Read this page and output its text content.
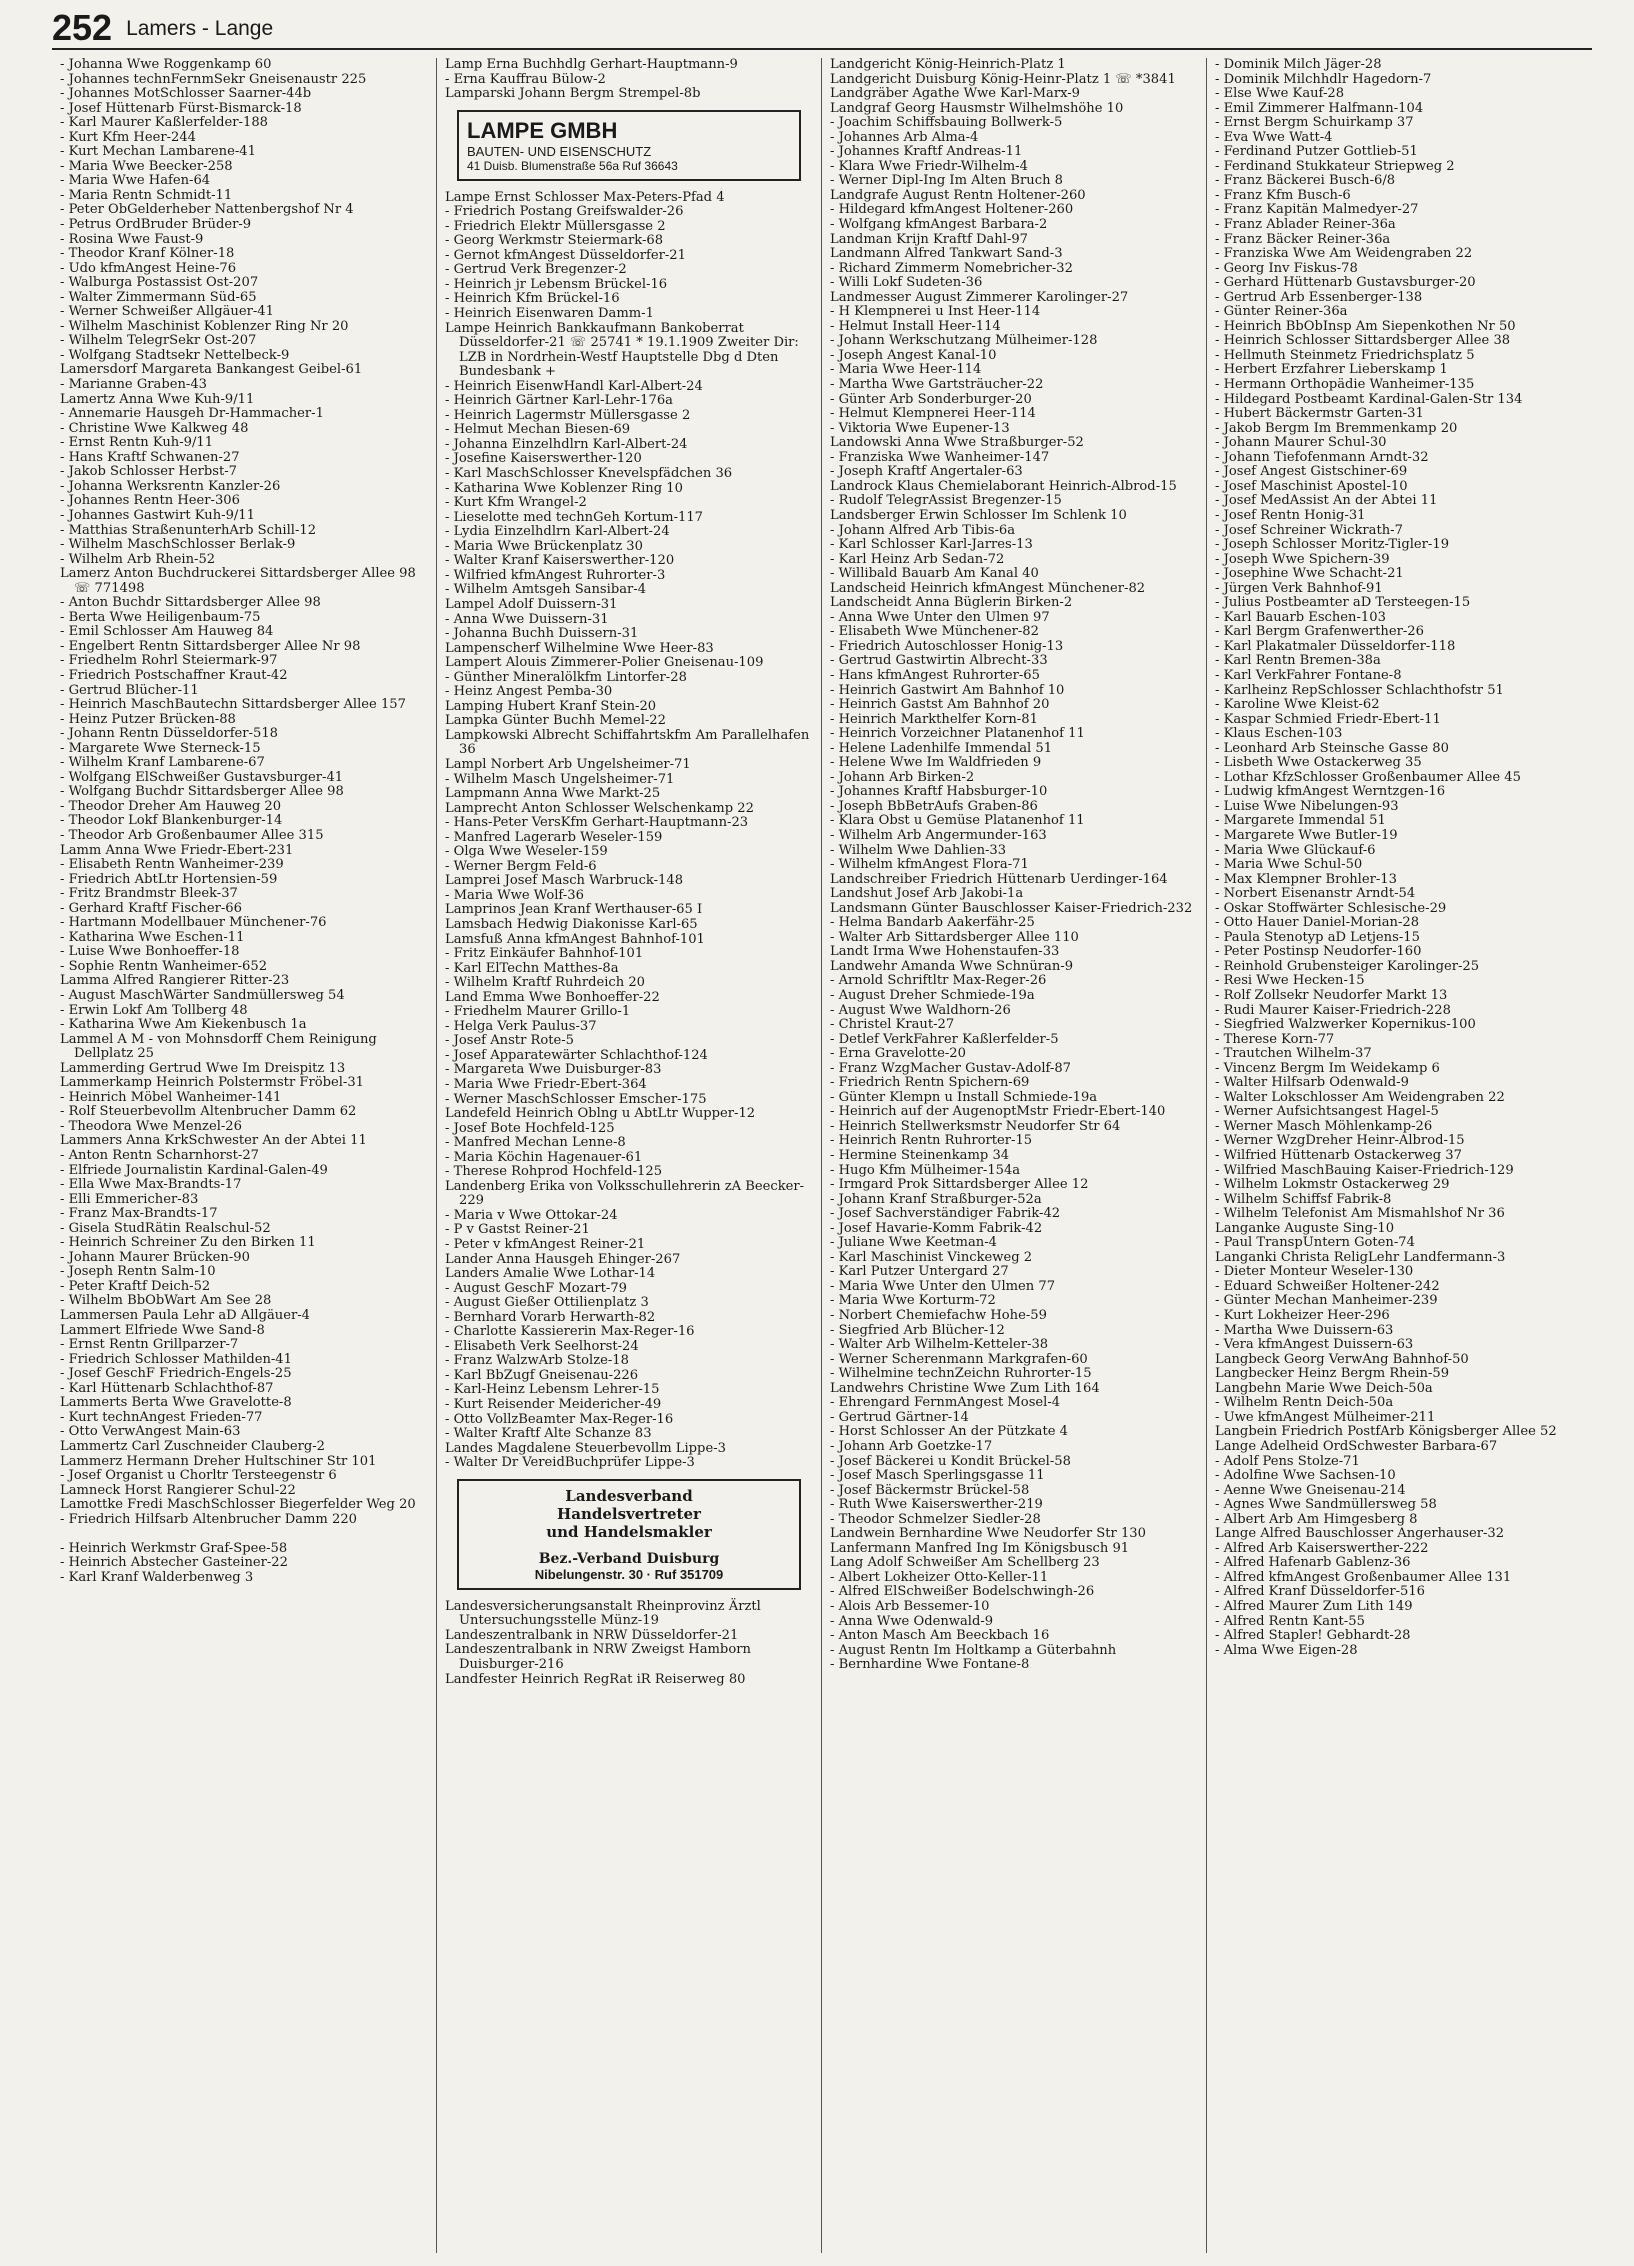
252 Lamers - Lange
- Johanna Wwe Roggenkamp 60
- Johannes technFernmSekr Gneisenaustr 225
- Johannes MotSchlosser Saarner-44b
- Josef Hüttenarb Fürst-Bismarck-18
- Karl Maurer Kaßlerfelder-188
- Kurt Kfm Heer-244
- Kurt Mechan Lambarene-41
- Maria Wwe Beecker-258
- Maria Wwe Hafen-64
- Maria Rentn Schmidt-11
- Peter ObGelderheber Nattenbergshof Nr 4
- Petrus OrdBruder Brüder-9
- Rosina Wwe Faust-9
- Theodor Kranf Kölner-18
- Udo kfmAngest Heine-76
- Walburga Postassist Ost-207
- Walter Zimmermann Süd-65
- Werner Schweißer Allgäuer-41
- Wilhelm Maschinist Koblenzer Ring Nr 20
- Wilhelm TelegrSekr Ost-207
- Wolfgang Stadtsekr Nettelbeck-9
Lamersdorf Margareta Bankangest Geibel-61
- Marianne Graben-43
Lamertz Anna Wwe Kuh-9/11
- Annemarie Hausgeh Dr-Hammacher-1
- Christine Wwe Kalkweg 48
- Ernst Rentn Kuh-9/11
- Hans Kraftf Schwanen-27
- Jakob Schlosser Herbst-7
- Johanna Werksrentn Kanzler-26
- Johannes Rentn Heer-306
- Johannes Gastwirt Kuh-9/11
- Matthias StraßenunterhArb Schill-12
- Wilhelm MaschSchlosser Berlak-9
- Wilhelm Arb Rhein-52
Lamerz Anton Buchdruckerei Sittardsberger Allee 98 ☏ 771498
- Anton Buchdr Sittardsberger Allee 98
- Berta Wwe Heiligenbaum-75
- Emil Schlosser Am Hauweg 84
- Engelbert Rentn Sittardsberger Allee Nr 98
- Friedhelm Rohrl Steiermark-97
- Friedrich Postschaffner Kraut-42
- Gertrud Blücher-11
- Heinrich MaschBautechn Sittardsberger Allee 157
- Heinz Putzer Brücken-88
- Johann Rentn Düsseldorfer-518
- Margarete Wwe Sterneck-15
- Wilhelm Kranf Lambarene-67
- Wolfgang ElSchweißer Gustavsburger-41
- Wolfgang Buchdr Sittardsberger Allee 98
- Theodor Dreher Am Hauweg 20
- Theodor Lokf Blankenburger-14
- Theodor Arb Großenbaumer Allee 315
Lamm Anna Wwe Friedr-Ebert-231
- Elisabeth Rentn Wanheimer-239
- Friedrich AbtLtr Hortensien-59
- Fritz Brandmstr Bleek-37
- Gerhard Kraftf Fischer-66
- Hartmann Modellbauer Münchener-76
- Katharina Wwe Eschen-11
- Luise Wwe Bonhoeffer-18
- Sophie Rentn Wanheimer-652
Lamma Alfred Rangierer Ritter-23
- August MaschWärter Sandmüllersweg 54
- Erwin Lokf Am Tollberg 48
- Katharina Wwe Am Kiekenbusch 1a
Lammel A M - von Mohnsdorff Chem Reinigung Dellplatz 25
Lammerding Gertrud Wwe Im Dreispitz 13
Lammerkamp Heinrich Polstermstr Fröbel-31
- Heinrich Möbel Wanheimer-141
- Rolf Steuerbevollm Altenbrucher Damm 62
- Theodora Wwe Menzel-26
Lammers Anna KrkSchwester An der Abtei 11
- Anton Rentn Scharnhorst-27
- Elfriede Journalistin Kardinal-Galen-49
- Ella Wwe Max-Brandts-17
- Elli Emmericher-83
- Franz Max-Brandts-17
- Gisela StudRätin Realschul-52
- Heinrich Schreiner Zu den Birken 11
- Johann Maurer Brücken-90
- Joseph Rentn Salm-10
- Peter Kraftf Deich-52
- Wilhelm BbObWart Am See 28
Lammersen Paula Lehr aD Allgäuer-4
Lammert Elfriede Wwe Sand-8
- Ernst Rentn Grillparzer-7
- Friedrich Schlosser Mathilden-41
- Josef GeschF Friedrich-Engels-25
- Karl Hüttenarb Schlachthof-87
Lammerts Berta Wwe Gravelotte-8
- Kurt technAngest Frieden-77
- Otto VerwAngest Main-63
Lammertz Carl Zuschneider Clauberg-2
Lammerz Hermann Dreher Hultschiner Str 101
- Josef Organist u Chorltr Tersteegenstr 6
Lamneck Horst Rangierer Schul-22
Lamottke Fredi MaschSchlosser Biegerfelder Weg 20
- Friedrich Hilfsarb Altenbrucher Damm 220

- Heinrich Werkmstr Graf-Spee-58
- Heinrich Abstecher Gasteiner-22
- Karl Kranf Walderbenweg 3
Lamp Erna Buchhdlg Gerhart-Hauptmann-9
- Erna Kauffrau Bülow-2
Lamparski Johann Bergm Strempel-8b
LAMPE GMBH
BAUTEN- UND EISENSCHUTZ
41 Duisb. Blumenstraße 56a Ruf 36643
Lampe Ernst Schlosser Max-Peters-Pfad 4
- Friedrich Postang Greifswalder-26
- Friedrich Elektr Müllersgasse 2
- Georg Werkmstr Steiermark-68
- Gernot kfmAngest Düsseldorfer-21
- Gertrud Verk Bregenzer-2
- Heinrich jr Lebensm Brückel-16
- Heinrich Kfm Brückel-16
- Heinrich Eisenwaren Damm-1
Lampe Heinrich Bankkaufmann Bankoberrat Düsseldorfer-21 ☏ 25741 * 19.1.1909 Zweiter Dir: LZB in Nordrhein-Westf Hauptstelle Dbg d Dten Bundesbank +
- Heinrich EisenwHandl Karl-Albert-24
- Heinrich Gärtner Karl-Lehr-176a
- Heinrich Lagermstr Müllersgasse 2
- Helmut Mechan Biesen-69
- Johanna Einzelhdlrn Karl-Albert-24
- Josefine Kaiserswerther-120
- Karl MaschSchlosser Knevelspfädchen 36
- Katharina Wwe Koblenzer Ring 10
- Kurt Kfm Wrangel-2
- Lieselotte med technGeh Kortum-117
- Lydia Einzelhdlrn Karl-Albert-24
- Maria Wwe Brückenplatz 30
- Walter Kranf Kaiserswerther-120
- Wilfried kfmAngest Ruhrorter-3
- Wilhelm Amtsgeh Sansibar-4
Lampel Adolf Duissern-31
- Anna Wwe Duissern-31
- Johanna Buchh Duissern-31
Lampenscherf Wilhelmine Wwe Heer-83
Lampert Alouis Zimmerer-Polier Gneisenau-109
- Günther Mineralölkfm Lintorfer-28
- Heinz Angest Pemba-30
Lamping Hubert Kranf Stein-20
Lampka Günter Buchh Memel-22
Lampkowski Albrecht Schiffahrtskfm Am Parallelhafen 36
Lampl Norbert Arb Ungelsheimer-71
- Wilhelm Masch Ungelsheimer-71
Lampmann Anna Wwe Markt-25
Lamprecht Anton Schlosser Welschenkamp 22
- Hans-Peter VersKfm Gerhart-Hauptmann-23
- Manfred Lagerarb Weseler-159
- Olga Wwe Weseler-159
- Werner Bergm Feld-6
Lamprei Josef Masch Warbruck-148
- Maria Wwe Wolf-36
Lamprinos Jean Kranf Werthauser-65 I
Lamsbach Hedwig Diakonisse Karl-65
Lamsfuß Anna kfmAngest Bahnhof-101
- Fritz Einkäufer Bahnhof-101
- Karl ElTechn Matthes-8a
- Wilhelm Kraftf Ruhrdeich 20
Land Emma Wwe Bonhoeffer-22
- Friedhelm Maurer Grillo-1
- Helga Verk Paulus-37
- Josef Anstr Rote-5
- Josef Apparatewärter Schlachthof-124
- Margareta Wwe Duisburger-83
- Maria Wwe Friedr-Ebert-364
- Werner MaschSchlosser Emscher-175
Landefeld Heinrich Oblng u AbtLtr Wupper-12
- Josef Bote Hochfeld-125
- Manfred Mechan Lenne-8
- Maria Köchin Hagenauer-61
- Therese Rohprod Hochfeld-125
Landenberg Erika von Volksschullehrerin zA Beecker-229
- Maria v Wwe Ottokar-24
- P v Gastst Reiner-21
- Peter v kfmAngest Reiner-21
Lander Anna Hausgeh Ehinger-267
Landers Amalie Wwe Lothar-14
- August GeschF Mozart-79
- August Gießer Ottilienplatz 3
- Bernhard Vorarb Herwarth-82
- Charlotte Kassiererin Max-Reger-16
- Elisabeth Verk Seelhorst-24
- Franz WalzwArb Stolze-18
- Karl BbZugf Gneisenau-226
- Karl-Heinz Lebensm Lehrer-15
- Kurt Reisender Meidericher-49
- Otto VollzBeamter Max-Reger-16
- Walter Kraftf Alte Schanze 83
Landes Magdalene Steuerbevollm Lippe-3
- Walter Dr VereidBuchprüfer Lippe-3
Landesverband
Handelsvertreter
und Handelsmakler
Bez.-Verband Duisburg
Nibelungenstr. 30 · Ruf 351709
Landesversicherungsanstalt Rheinprovinz Ärztl Untersuchungsstelle Münz-19
Landeszentralbank in NRW Düsseldorfer-21
Landeszentralbank in NRW Zweigst Hamborn Duisburger-216
Landfester Heinrich RegRat iR Reiserweg 80
Landgericht König-Heinrich-Platz 1
Landgericht Duisburg König-Heinr-Platz 1 ☏ *3841
Landgräber Agathe Wwe Karl-Marx-9
Landgraf Georg Hausmstr Wilhelmshöhe 10
- Joachim Schiffsbauing Bollwerk-5
- Johannes Arb Alma-4
- Johannes Kraftf Andreas-11
- Klara Wwe Friedr-Wilhelm-4
- Werner Dipl-Ing Im Alten Bruch 8
Landgrafe August Rentn Holtener-260
- Hildegard kfmAngest Holtener-260
- Wolfgang kfmAngest Barbara-2
Landman Krijn Kraftf Dahl-97
Landmann Alfred Tankwart Sand-3
- Richard Zimmerm Nomebricher-32
- Willi Lokf Sudeten-36
Landmesser August Zimmerer Karolinger-27
- H Klempnerei u Inst Heer-114
- Helmut Install Heer-114
- Johann Werkschutzang Mülheimer-128
- Joseph Angest Kanal-10
- Maria Wwe Heer-114
- Martha Wwe Gartsträucher-22
- Günter Arb Sonderburger-20
- Helmut Klempnerei Heer-114
- Viktoria Wwe Eupener-13
Landowski Anna Wwe Straßburger-52
- Franziska Wwe Wanheimer-147
- Joseph Kraftf Angertaler-63
Landrock Klaus Chemielaborant Heinrich-Albrod-15
- Rudolf TelegrAssist Bregenzer-15
Landsberger Erwin Schlosser Im Schlenk 10
- Johann Alfred Arb Tibis-6a
- Karl Schlosser Karl-Jarres-13
- Karl Heinz Arb Sedan-72
- Willibald Bauarb Am Kanal 40
Landscheid Heinrich kfmAngest Münchener-82
Landscheidt Anna Büglerin Birken-2
- Anna Wwe Unter den Ulmen 97
- Elisabeth Wwe Münchener-82
- Friedrich Autoschlosser Honig-13
- Gertrud Gastwirtin Albrecht-33
- Hans kfmAngest Ruhrorter-65
- Heinrich Gastwirt Am Bahnhof 10
- Heinrich Gastst Am Bahnhof 20
- Heinrich Markthelfer Korn-81
- Heinrich Vorzeichner Platanenhof 11
- Helene Ladenhilfe Immendal 51
- Helene Wwe Im Waldfrieden 9
- Johann Arb Birken-2
- Johannes Kraftf Habsburger-10
- Joseph BbBetrAufs Graben-86
- Klara Obst u Gemüse Platanenhof 11
- Wilhelm Arb Angermunder-163
- Wilhelm Wwe Dahlien-33
- Wilhelm kfmAngest Flora-71
Landschreiber Friedrich Hüttenarb Uerdinger-164
Landshut Josef Arb Jakobi-1a
Landsmann Günter Bauschlosser Kaiser-Friedrich-232
- Helma Bandarb Aakerfähr-25
- Walter Arb Sittardsberger Allee 110
Landt Irma Wwe Hohenstaufen-33
Landwehr Amanda Wwe Schnüran-9
- Arnold Schriftltr Max-Reger-26
- August Dreher Schmiede-19a
- August Wwe Waldhorn-26
- Christel Kraut-27
- Detlef VerkFahrer Kaßlerfelder-5
- Erna Gravelotte-20
- Franz WzgMacher Gustav-Adolf-87
- Friedrich Rentn Spichern-69
- Günter Klempn u Install Schmiede-19a
- Heinrich auf der AugenoptMstr Friedr-Ebert-140
- Heinrich Stellwerksmstr Neudorfer Str 64
- Heinrich Rentn Ruhrorter-15
- Hermine Steinenkamp 34
- Hugo Kfm Mülheimer-154a
- Irmgard Prok Sittardsberger Allee 12
- Johann Kranf Straßburger-52a
- Josef Sachverständiger Fabrik-42
- Josef Havarie-Komm Fabrik-42
- Juliane Wwe Keetman-4
- Karl Maschinist Vinckeweg 2
- Karl Putzer Untergard 27
- Maria Wwe Unter den Ulmen 77
- Maria Wwe Korturm-72
- Norbert Chemiefachw Hohe-59
- Siegfried Arb Blücher-12
- Walter Arb Wilhelm-Ketteler-38
- Werner Scherenmann Markgrafen-60
- Wilhelmine technZeichn Ruhrorter-15
Landwehrs Christine Wwe Zum Lith 164
- Ehrengard FernmAngest Mosel-4
- Gertrud Gärtner-14
- Horst Schlosser An der Pützkate 4
- Johann Arb Goetzke-17
- Josef Bäckerei u Kondit Brückel-58
- Josef Masch Sperlingsgasse 11
- Josef Bäckermstr Brückel-58
- Ruth Wwe Kaiserswerther-219
- Theodor Schmelzer Siedler-28
Landwein Bernhardine Wwe Neudorfer Str 130
Lanfermann Manfred Ing Im Königsbusch 91
Lang Adolf Schweißer Am Schellberg 23
- Albert Lokheizer Otto-Keller-11
- Alfred ElSchweißer Bodelschwingh-26
- Alois Arb Bessemer-10
- Anna Wwe Odenwald-9
- Anton Masch Am Beeckbach 16
- August Rentn Im Holtkamp a Güterbahnh
- Bernhardine Wwe Fontane-8
- Dominik Milch Jäger-28
- Dominik Milchhdlr Hagedorn-7
- Else Wwe Kauf-28
- Emil Zimmerer Halfmann-104
- Ernst Bergm Schuirkamp 37
- Eva Wwe Watt-4
- Ferdinand Putzer Gottlieb-51
- Ferdinand Stukkateur Striepweg 2
- Franz Bäckerei Busch-6/8
- Franz Kfm Busch-6
- Franz Kapitän Malmedyer-27
- Franz Ablader Reiner-36a
- Franz Bäcker Reiner-36a
- Franziska Wwe Am Weidengraben 22
- Georg Inv Fiskus-78
- Gerhard Hüttenarb Gustavsburger-20
- Gertrud Arb Essenberger-138
- Günter Reiner-36a
- Heinrich BbObInsp Am Siepenkothen Nr 50
- Heinrich Schlosser Sittardsberger Allee 38
- Hellmuth Steinmetz Friedrichsplatz 5
- Herbert Erzfahrer Lieberskamp 1
- Hermann Orthopädie Wanheimer-135
- Hildegard Postbeamt Kardinal-Galen-Str 134
- Hubert Bäckermstr Garten-31
- Jakob Bergm Im Bremmenkamp 20
- Johann Maurer Schul-30
- Johann Tiefofenmann Arndt-32
- Josef Angest Gistschiner-69
- Josef Maschinist Apostel-10
- Josef MedAssist An der Abtei 11
- Josef Rentn Honig-31
- Josef Schreiner Wickrath-7
- Joseph Schlosser Moritz-Tigler-19
- Joseph Wwe Spichern-39
- Josephine Wwe Schacht-21
- Jürgen Verk Bahnhof-91
- Julius Postbeamter aD Tersteegen-15
- Karl Bauarb Eschen-103
- Karl Bergm Grafenwerther-26
- Karl Plakatmaler Düsseldorfer-118
- Karl Rentn Bremen-38a
- Karl VerkFahrer Fontane-8
- Karlheinz RepSchlosser Schlachthofstr 51
- Karoline Wwe Kleist-62
- Kaspar Schmied Friedr-Ebert-11
- Klaus Eschen-103
- Leonhard Arb Steinsche Gasse 80
- Lisbeth Wwe Ostackerweg 35
- Lothar KfzSchlosser Großenbaumer Allee 45
- Ludwig kfmAngest Werntzgen-16
- Luise Wwe Nibelungen-93
- Margarete Immendal 51
- Margarete Wwe Butler-19
- Maria Wwe Glückauf-6
- Maria Wwe Schul-50
- Max Klempner Brohler-13
- Norbert Eisenanstr Arndt-54
- Oskar Stoffwärter Schlesische-29
- Otto Hauer Daniel-Morian-28
- Paula Stenotyp aD Letjens-15
- Peter Postinsp Neudorfer-160
- Reinhold Grubensteiger Karolinger-25
- Resi Wwe Hecken-15
- Rolf Zollsekr Neudorfer Markt 13
- Rudi Maurer Kaiser-Friedrich-228
- Siegfried Walzwerker Kopernikus-100
- Therese Korn-77
- Trautchen Wilhelm-37
- Vincenz Bergm Im Weidekamp 6
- Walter Hilfsarb Odenwald-9
- Walter Lokschlosser Am Weidengraben 22
- Werner Aufsichtsangest Hagel-5
- Werner Masch Möhlenkamp-26
- Werner WzgDreher Heinr-Albrod-15
- Wilfried Hüttenarb Ostackerweg 37
- Wilfried MaschBauing Kaiser-Friedrich-129
- Wilhelm Lokmstr Ostackerweg 29
- Wilhelm Schiffsf Fabrik-8
- Wilhelm Telefonist Am Mismahlshof Nr 36
Langanke Auguste Sing-10
- Paul TranspUntern Goten-74
Langanki Christa ReligLehr Landfermann-3
- Dieter Monteur Weseler-130
- Eduard Schweißer Holtener-242
- Günter Mechan Manheimer-239
- Kurt Lokheizer Heer-296
- Martha Wwe Duissern-63
- Vera kfmAngest Duissern-63
Langbeck Georg VerwAng Bahnhof-50
Langbecker Heinz Bergm Rhein-59
Langbehn Marie Wwe Deich-50a
- Wilhelm Rentn Deich-50a
- Uwe kfmAngest Mülheimer-211
Langbein Friedrich PostfArb Königsberger Allee 52
Lange Adelheid OrdSchwester Barbara-67
- Adolf Pens Stolze-71
- Adolfine Wwe Sachsen-10
- Aenne Wwe Gneisenau-214
- Agnes Wwe Sandmüllersweg 58
- Albert Arb Am Himgesberg 8
Lange Alfred Bauschlosser Angerhauser-32
- Alfred Arb Kaiserswerther-222
- Alfred Hafenarb Gablenz-36
- Alfred kfmAngest Großenbaumer Allee 131
- Alfred Kranf Düsseldorfer-516
- Alfred Maurer Zum Lith 149
- Alfred Rentn Kant-55
- Alfred Stapler! Gebhardt-28
- Alma Wwe Eigen-28
